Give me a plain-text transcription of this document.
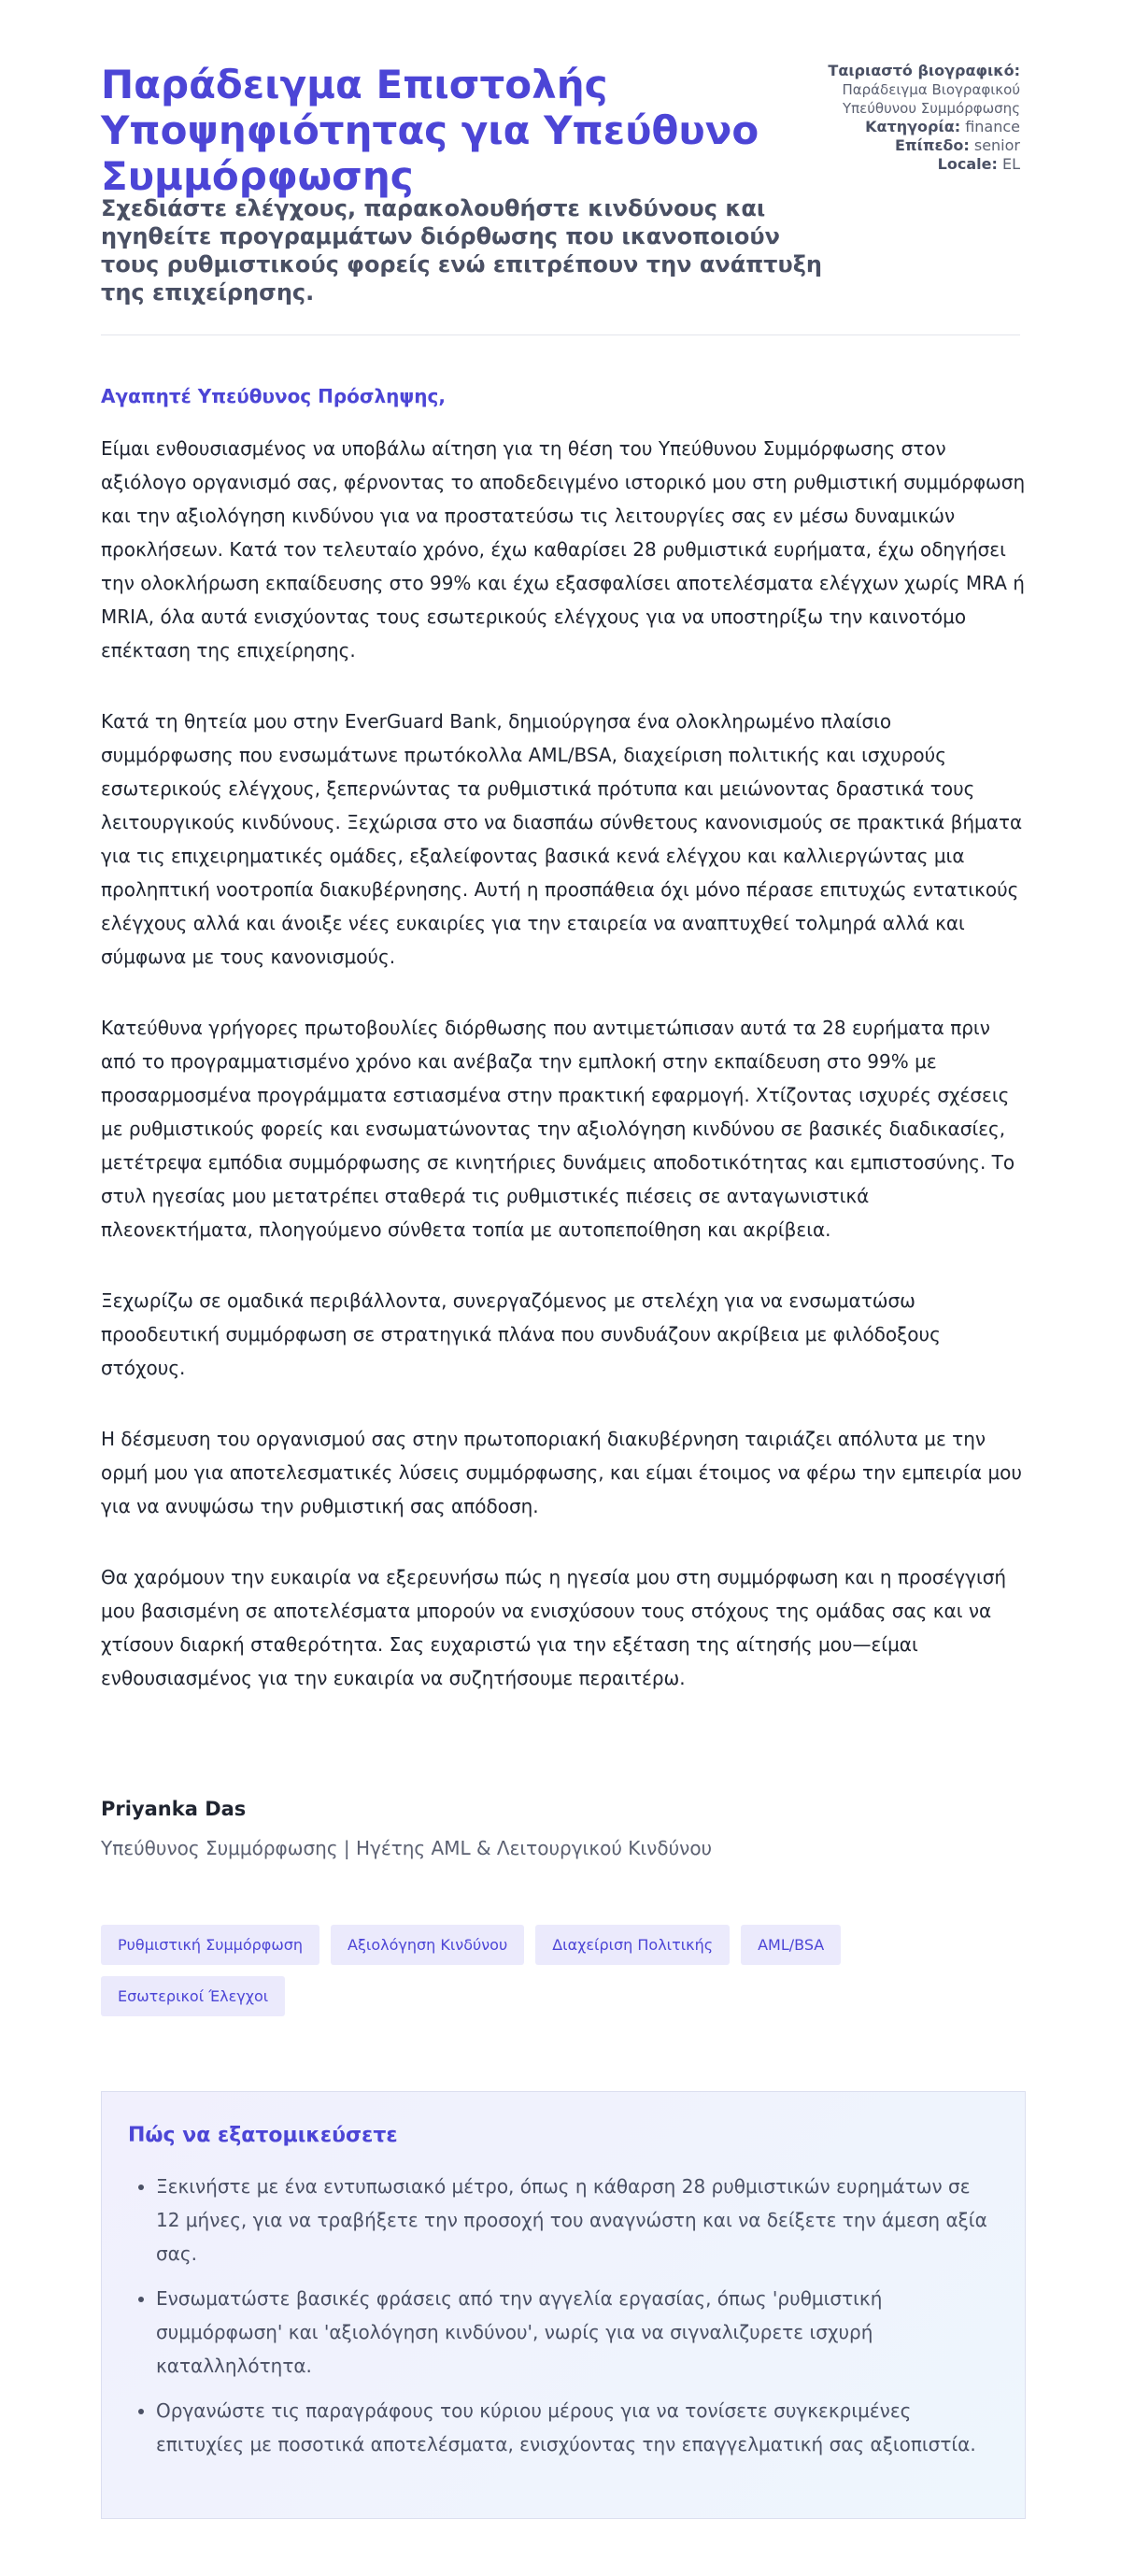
Παράδειγμα Επιστολής Υποψηφιότητας για Υπεύθυνο Συμμόρφωσης
Σχεδιάστε ελέγχους, παρακολουθήστε κινδύνους και ηγηθείτε προγραμμάτων διόρθωσης που ικανοποιούν τους ρυθμιστικούς φορείς ενώ επιτρέπουν την ανάπτυξη της επιχείρησης.
Ταιριαστό βιογραφικό:
Παράδειγμα Βιογραφικού Υπεύθυνου Συμμόρφωσης
Κατηγορία: finance
Επίπεδο: senior
Locale: EL

Αγαπητέ Υπεύθυνος Πρόσληψης,

Είμαι ενθουσιασμένος να υποβάλω αίτηση για τη θέση του Υπεύθυνου Συμμόρφωσης στον αξιόλογο οργανισμό σας, φέρνοντας το αποδεδειγμένο ιστορικό μου στη ρυθμιστική συμμόρφωση και την αξιολόγηση κινδύνου για να προστατεύσω τις λειτουργίες σας εν μέσω δυναμικών προκλήσεων. Κατά τον τελευταίο χρόνο, έχω καθαρίσει 28 ρυθμιστικά ευρήματα, έχω οδηγήσει την ολοκλήρωση εκπαίδευσης στο 99% και έχω εξασφαλίσει αποτελέσματα ελέγχων χωρίς MRA ή MRIA, όλα αυτά ενισχύοντας τους εσωτερικούς ελέγχους για να υποστηρίξω την καινοτόμο επέκταση της επιχείρησης.

Κατά τη θητεία μου στην EverGuard Bank, δημιούργησα ένα ολοκληρωμένο πλαίσιο συμμόρφωσης που ενσωμάτωνε πρωτόκολλα AML/BSA, διαχείριση πολιτικής και ισχυρούς εσωτερικούς ελέγχους, ξεπερνώντας τα ρυθμιστικά πρότυπα και μειώνοντας δραστικά τους λειτουργικούς κινδύνους. Ξεχώρισα στο να διασπάω σύνθετους κανονισμούς σε πρακτικά βήματα για τις επιχειρηματικές ομάδες, εξαλείφοντας βασικά κενά ελέγχου και καλλιεργώντας μια προληπτική νοοτροπία διακυβέρνησης. Αυτή η προσπάθεια όχι μόνο πέρασε επιτυχώς εντατικούς ελέγχους αλλά και άνοιξε νέες ευκαιρίες για την εταιρεία να αναπτυχθεί τολμηρά αλλά και σύμφωνα με τους κανονισμούς.

Κατεύθυνα γρήγορες πρωτοβουλίες διόρθωσης που αντιμετώπισαν αυτά τα 28 ευρήματα πριν από το προγραμματισμένο χρόνο και ανέβαζα την εμπλοκή στην εκπαίδευση στο 99% με προσαρμοσμένα προγράμματα εστιασμένα στην πρακτική εφαρμογή. Χτίζοντας ισχυρές σχέσεις με ρυθμιστικούς φορείς και ενσωματώνοντας την αξιολόγηση κινδύνου σε βασικές διαδικασίες, μετέτρεψα εμπόδια συμμόρφωσης σε κινητήριες δυνάμεις αποδοτικότητας και εμπιστοσύνης. Το στυλ ηγεσίας μου μετατρέπει σταθερά τις ρυθμιστικές πιέσεις σε ανταγωνιστικά πλεονεκτήματα, πλοηγούμενο σύνθετα τοπία με αυτοπεποίθηση και ακρίβεια.

Ξεχωρίζω σε ομαδικά περιβάλλοντα, συνεργαζόμενος με στελέχη για να ενσωματώσω προοδευτική συμμόρφωση σε στρατηγικά πλάνα που συνδυάζουν ακρίβεια με φιλόδοξους στόχους.

Η δέσμευση του οργανισμού σας στην πρωτοποριακή διακυβέρνηση ταιριάζει απόλυτα με την ορμή μου για αποτελεσματικές λύσεις συμμόρφωσης, και είμαι έτοιμος να φέρω την εμπειρία μου για να ανυψώσω την ρυθμιστική σας απόδοση.

Θα χαρόμουν την ευκαιρία να εξερευνήσω πώς η ηγεσία μου στη συμμόρφωση και η προσέγγισή μου βασισμένη σε αποτελέσματα μπορούν να ενισχύσουν τους στόχους της ομάδας σας και να χτίσουν διαρκή σταθερότητα. Σας ευχαριστώ για την εξέταση της αίτησής μου—είμαι ενθουσιασμένος για την ευκαιρία να συζητήσουμε περαιτέρω.

Priyanka Das

Υπεύθυνος Συμμόρφωσης | Ηγέτης AML & Λειτουργικού Κινδύνου

Ρυθμιστική Συμμόρφωση	Αξιολόγηση Κινδύνου	Διαχείριση Πολιτικής	AML/BSA
Εσωτερικοί Έλεγχοι
Πώς να εξατομικεύσετε
• Ξεκινήστε με ένα εντυπωσιακό μέτρο, όπως η κάθαρση 28 ρυθμιστικών ευρημάτων σε 12 μήνες, για να τραβήξετε την προσοχή του αναγνώστη και να δείξετε την άμεση αξία σας.
• Ενσωματώστε βασικές φράσεις από την αγγελία εργασίας, όπως 'ρυθμιστική συμμόρφωση' και 'αξιολόγηση κινδύνου', νωρίς για να σιγναλιζυρετε ισχυρή καταλληλότητα.
• Οργανώστε τις παραγράφους του κύριου μέρους για να τονίσετε συγκεκριμένες επιτυχίες με ποσοτικά αποτελέσματα, ενισχύοντας την επαγγελματική σας αξιοπιστία.
